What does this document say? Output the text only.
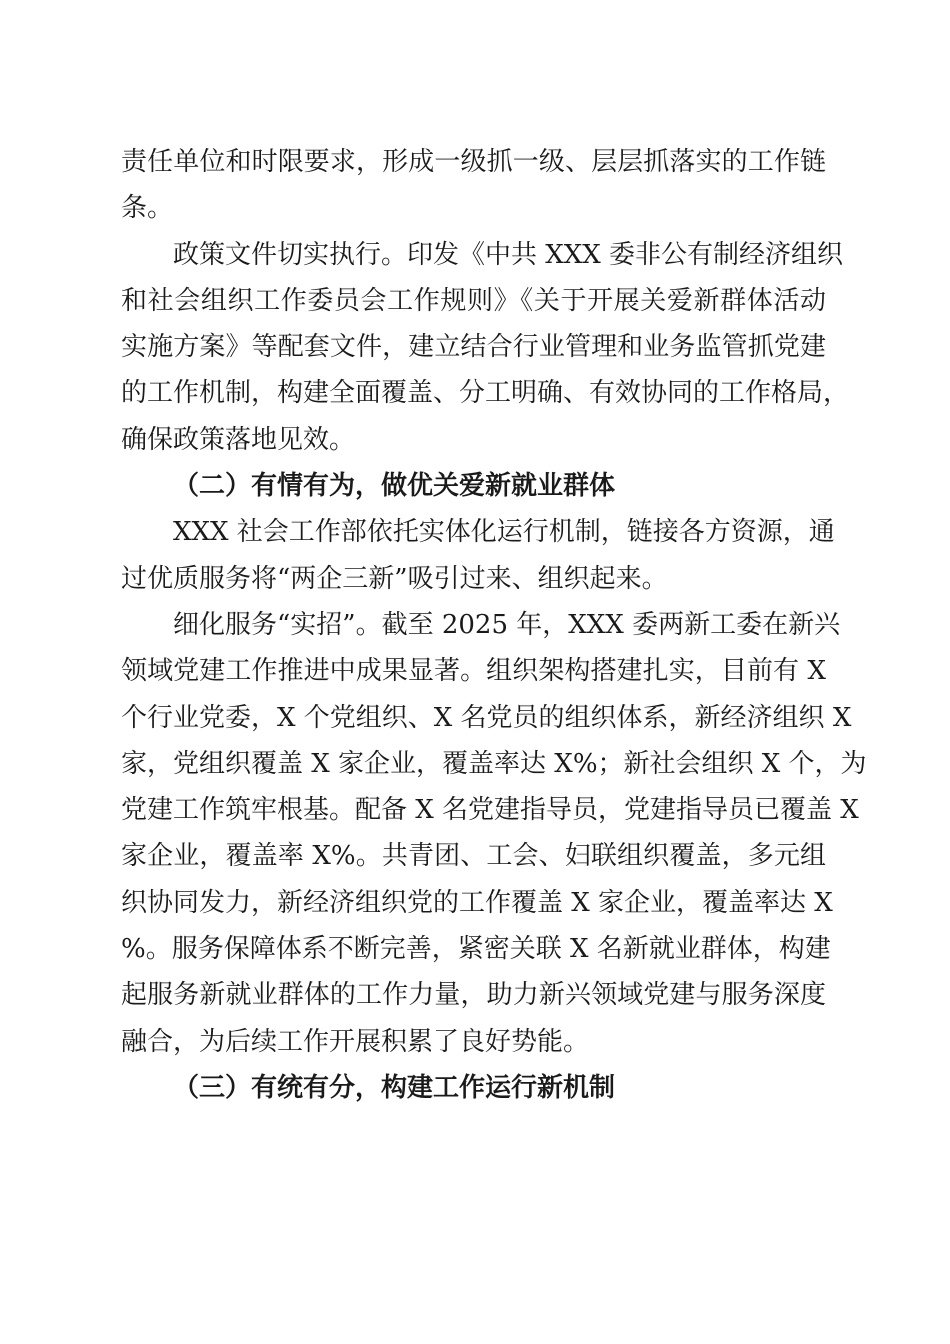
责任单位和时限要求，形成一级抓一级、层层抓落实的工作链
条。
政策文件切实执行。印发《中共 XXX 委非公有制经济组织
和社会组织工作委员会工作规则》《关于开展关爱新群体活动
实施方案》等配套文件，建立结合行业管理和业务监管抓党建
的工作机制，构建全面覆盖、分工明确、有效协同的工作格局，
确保政策落地见效。
（二）有情有为，做优关爱新就业群体
XXX 社会工作部依托实体化运行机制，链接各方资源，通
过优质服务将“两企三新”吸引过来、组织起来。
细化服务“实招”。截至 2025 年，XXX 委两新工委在新兴
领域党建工作推进中成果显著。组织架构搭建扎实，目前有 X
个行业党委，X 个党组织、X 名党员的组织体系，新经济组织 X
家，党组织覆盖 X 家企业，覆盖率达 X%；新社会组织 X 个，为
党建工作筑牢根基。配备 X 名党建指导员，党建指导员已覆盖 X
家企业，覆盖率 X%。共青团、工会、妇联组织覆盖，多元组
织协同发力，新经济组织党的工作覆盖 X 家企业，覆盖率达 X
%。服务保障体系不断完善，紧密关联 X 名新就业群体，构建
起服务新就业群体的工作力量，助力新兴领域党建与服务深度
融合，为后续工作开展积累了良好势能。
（三）有统有分，构建工作运行新机制
